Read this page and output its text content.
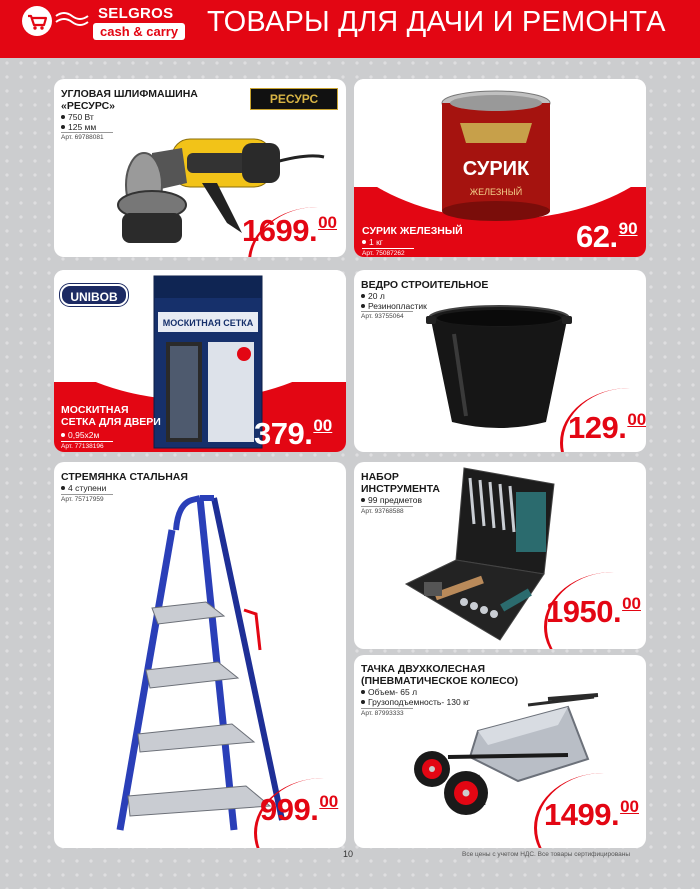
SELGROS
cash & carry ТОВАРЫ ДЛЯ ДАЧИ И РЕМОНТА
УГЛОВАЯ ШЛИФМАШИНА
«РЕСУРС»
750 Вт
125 мм
Арт. 69788081
РЕСУРС
1699.00
СУРИК
ЖЕЛЕЗНЫЙ
СУРИК ЖЕЛЕЗНЫЙ
1 кг
Арт. 75087262	62.90
UNIBOB
МОСКИТНАЯ СЕТКА
МОСКИТНАЯ
СЕТКА ДЛЯ ДВЕРИ
0,95х2м
Арт. 77138196	379.00
ВЕДРО СТРОИТЕЛЬНОЕ
20 л
Резинопластик
Арт. 93755064
129.00
СТРЕМЯНКА СТАЛЬНАЯ
4 ступени
Арт. 75717959
999.00
НАБОР
ИНСТРУМЕНТА
99 предметов
Арт. 93768588
1950.00
ТАЧКА ДВУХКОЛЕСНАЯ
(ПНЕВМАТИЧЕСКОЕ КОЛЕСО)
Объем- 65 л
Грузоподъемность- 130 кг
Арт. 87993333
1499.00
10	Все цены с учетом НДС. Все товары сертифицированы
